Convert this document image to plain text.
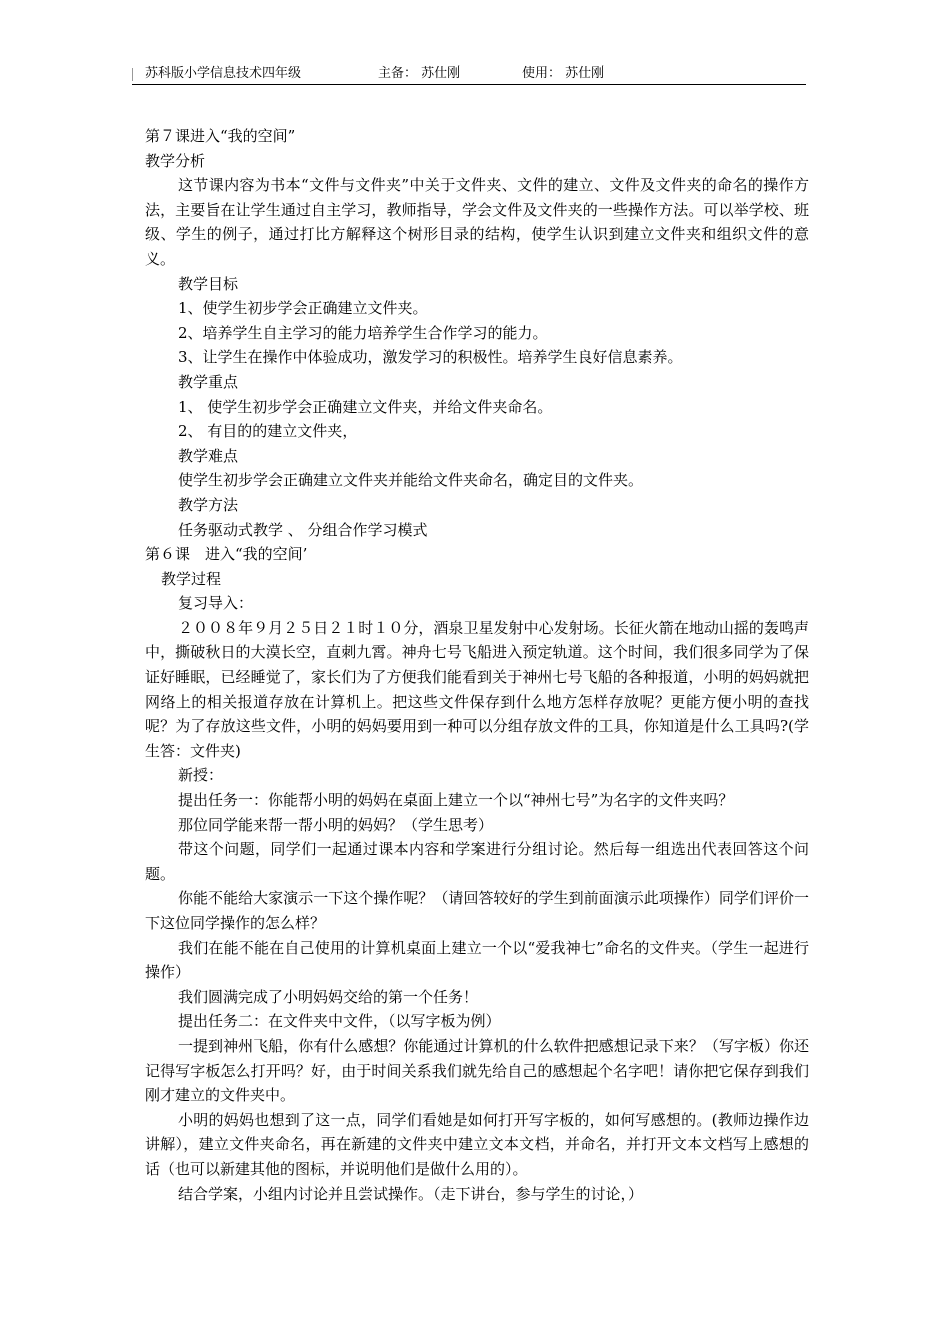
苏科版小学信息技术四年级	主备： 苏仕刚	使用： 苏仕刚

第７课进入“我的空间”

教学分析

这节课内容为书本“文件与文件夹”中关于文件夹、文件的建立、文件及文件夹的命名的操作方法，主要旨在让学生通过自主学习，教师指导，学会文件及文件夹的一些操作方法。可以举学校、班级、学生的例子，通过打比方解释这个树形目录的结构，使学生认识到建立文件夹和组织文件的意义。

教学目标

1、使学生初步学会正确建立文件夹。

2、培养学生自主学习的能力培养学生合作学习的能力。

3、让学生在操作中体验成功，激发学习的积极性。培养学生良好信息素养。

教学重点

1、 使学生初步学会正确建立文件夹，并给文件夹命名。

2、 有目的的建立文件夹，

教学难点

使学生初步学会正确建立文件夹并能给文件夹命名，确定目的文件夹。

教学方法

任务驱动式教学 、 分组合作学习模式

第６课　进入“我的空间’

教学过程

复习导入：

２００８年９月２５日２１时１０分，酒泉卫星发射中心发射场。长征火箭在地动山摇的轰鸣声中，撕破秋日的大漠长空，直刺九霄。神舟七号飞船进入预定轨道。这个时间，我们很多同学为了保证好睡眠，已经睡觉了，家长们为了方便我们能看到关于神州七号飞船的各种报道，小明的妈妈就把网络上的相关报道存放在计算机上。把这些文件保存到什么地方怎样存放呢？更能方便小明的查找呢？为了存放这些文件，小明的妈妈要用到一种可以分组存放文件的工具，你知道是什么工具吗?(学生答：文件夹)

新授：

提出任务一：你能帮小明的妈妈在桌面上建立一个以“神州七号”为名字的文件夹吗？

那位同学能来帮一帮小明的妈妈？（学生思考）

带这个问题，同学们一起通过课本内容和学案进行分组讨论。然后每一组选出代表回答这个问题。

你能不能给大家演示一下这个操作呢？（请回答较好的学生到前面演示此项操作）同学们评价一下这位同学操作的怎么样？

我们在能不能在自己使用的计算机桌面上建立一个以“爱我神七”命名的文件夹。（学生一起进行操作）

我们圆满完成了小明妈妈交给的第一个任务！

提出任务二：在文件夹中文件，（以写字板为例）

一提到神州飞船，你有什么感想？你能通过计算机的什么软件把感想记录下来？（写字板）你还记得写字板怎么打开吗？好，由于时间关系我们就先给自己的感想起个名字吧！请你把它保存到我们刚才建立的文件夹中。

小明的妈妈也想到了这一点，同学们看她是如何打开写字板的，如何写感想的。(教师边操作边讲解），建立文件夹命名，再在新建的文件夹中建立文本文档，并命名，并打开文本文档写上感想的话（也可以新建其他的图标，并说明他们是做什么用的）。

结合学案，小组内讨论并且尝试操作。（走下讲台，参与学生的讨论，）
